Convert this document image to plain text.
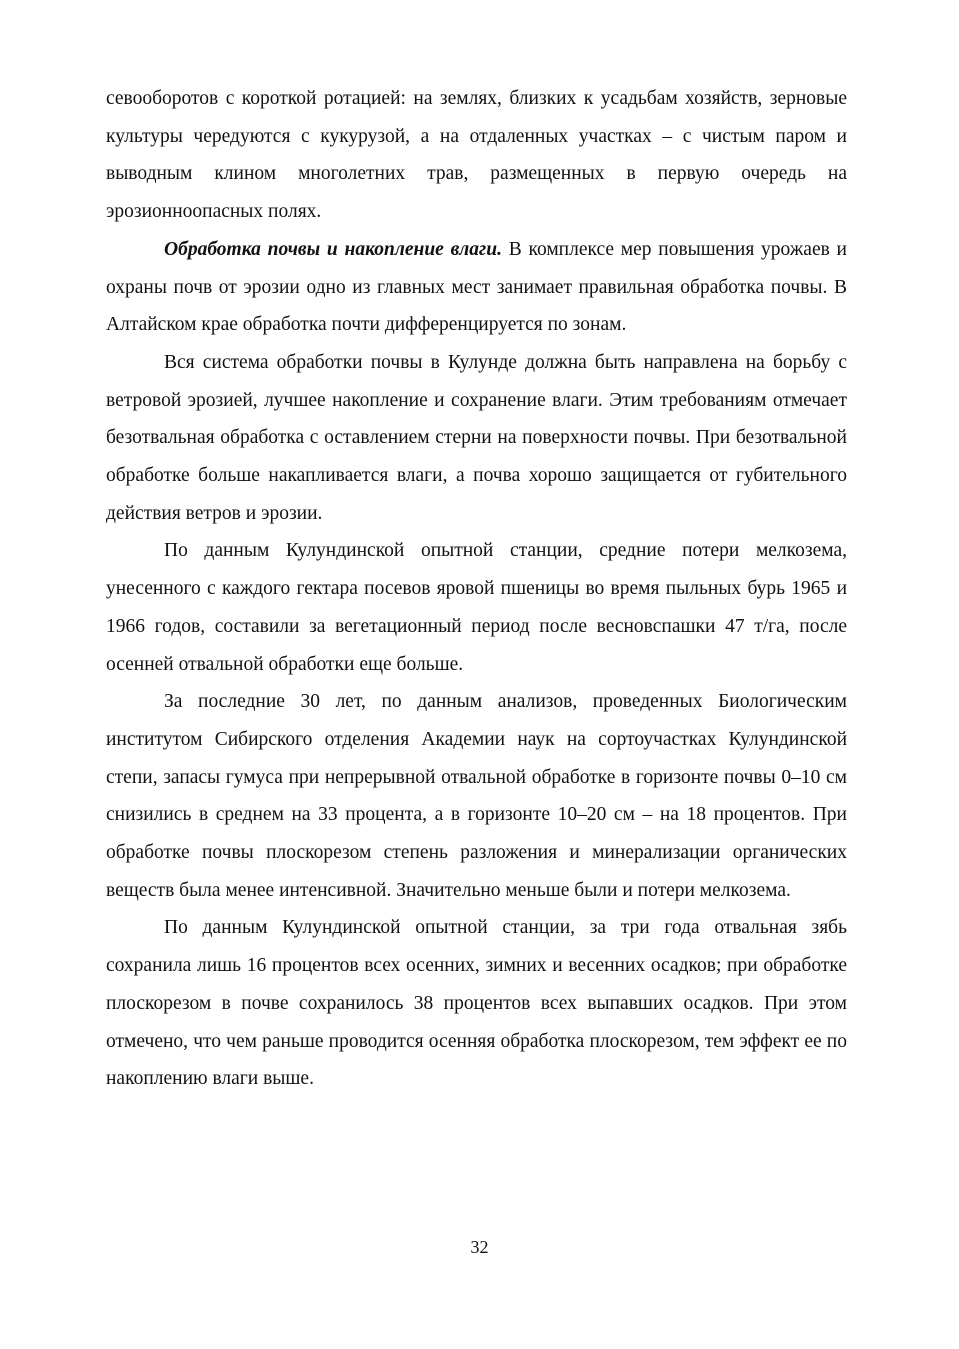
севооборотов с короткой ротацией: на землях, близких к усадьбам хозяйств, зерновые культуры чередуются с кукурузой, а на отдаленных участках – с чистым паром и выводным клином многолетних трав, размещенных в первую очередь на эрозионноопасных полях.

Обработка почвы и накопление влаги. В комплексе мер повышения урожаев и охраны почв от эрозии одно из главных мест занимает правильная обработка почвы. В Алтайском крае обработка почти дифференцируется по зонам.

Вся система обработки почвы в Кулунде должна быть направлена на борьбу с ветровой эрозией, лучшее накопление и сохранение влаги. Этим требованиям отмечает безотвальная обработка с оставлением стерни на поверхности почвы. При безотвальной обработке больше накапливается влаги, а почва хорошо защищается от губительного действия ветров и эрозии.

По данным Кулундинской опытной станции, средние потери мелкозема, унесенного с каждого гектара посевов яровой пшеницы во время пыльных бурь 1965 и 1966 годов, составили за вегетационный период после весновспашки 47 т/га, после осенней отвальной обработки еще больше.

За последние 30 лет, по данным анализов, проведенных Биологическим институтом Сибирского отделения Академии наук на сортоучастках Кулундинской степи, запасы гумуса при непрерывной отвальной обработке в горизонте почвы 0–10 см снизились в среднем на 33 процента, а в горизонте 10–20 см – на 18 процентов. При обработке почвы плоскорезом степень разложения и минерализации органических веществ была менее интенсивной. Значительно меньше были и потери мелкозема.

По данным Кулундинской опытной станции, за три года отвальная зябь сохранила лишь 16 процентов всех осенних, зимних и весенних осадков; при обработке плоскорезом в почве сохранилось 38 процентов всех выпавших осадков. При этом отмечено, что чем раньше проводится осенняя обработка плоскорезом, тем эффект ее по накоплению влаги выше.

32
